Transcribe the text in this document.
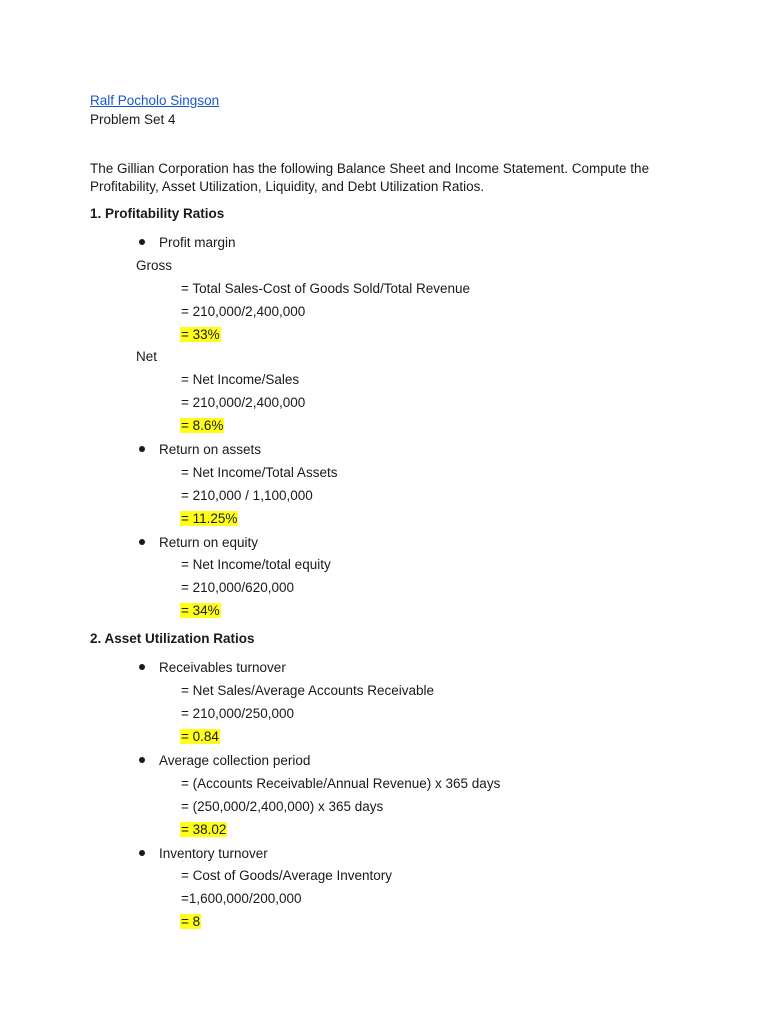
Ralf Pocholo Singson
Problem Set 4
The Gillian Corporation has the following Balance Sheet and Income Statement. Compute the Profitability, Asset Utilization, Liquidity, and Debt Utilization Ratios.
1. Profitability Ratios
Profit margin
Gross
= Total Sales-Cost of Goods Sold/Total Revenue
= 210,000/2,400,000
= 33%
Net
= Net Income/Sales
= 210,000/2,400,000
= 8.6%
Return on assets
= Net Income/Total Assets
= 210,000 / 1,100,000
= 11.25%
Return on equity
= Net Income/total equity
= 210,000/620,000
= 34%
2. Asset Utilization Ratios
Receivables turnover
= Net Sales/Average Accounts Receivable
= 210,000/250,000
= 0.84
Average collection period
= (Accounts Receivable/Annual Revenue) x 365 days
= (250,000/2,400,000) x 365 days
= 38.02
Inventory turnover
= Cost of Goods/Average Inventory
=1,600,000/200,000
= 8
